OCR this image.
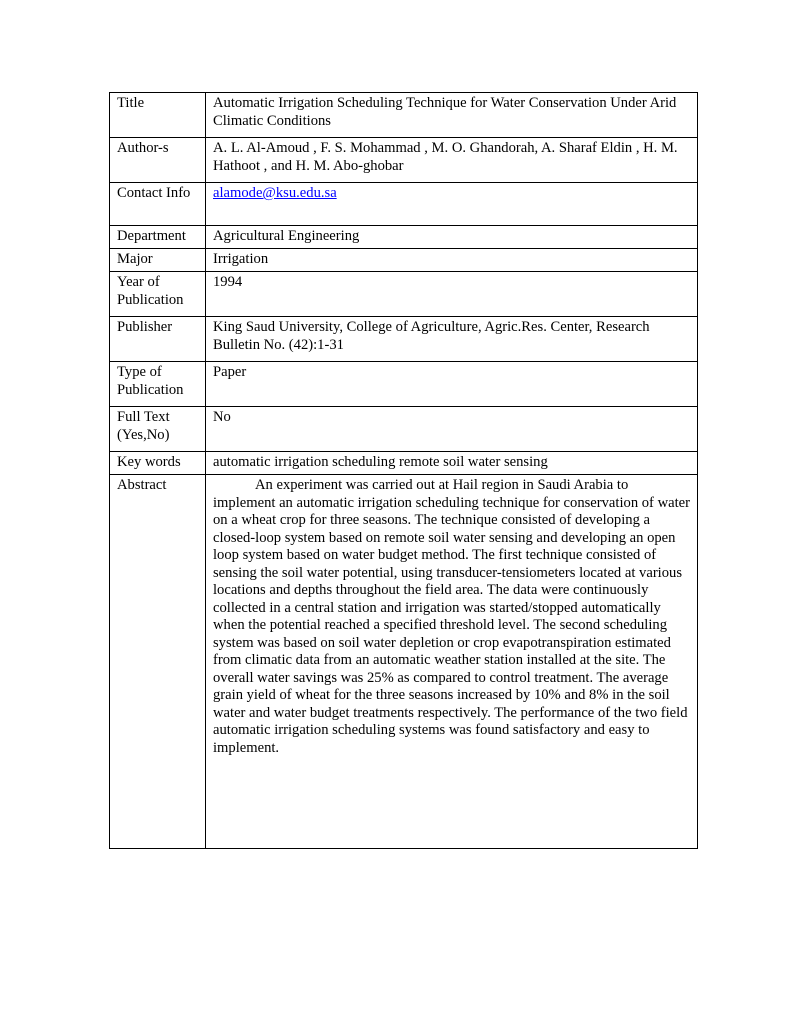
Title	Automatic Irrigation Scheduling Technique for Water Conservation Under Arid Climatic Conditions
Author-s	A. L. Al-Amoud , F. S. Mohammad , M. O. Ghandorah, A. Sharaf Eldin , H. M. Hathoot , and H. M. Abo-ghobar
Contact Info	alamode@ksu.edu.sa
Department	Agricultural Engineering
Major	Irrigation
Year of Publication	1994
Publisher	King Saud University, College of Agriculture, Agric.Res. Center, Research Bulletin No. (42):1-31
Type of Publication	Paper
Full Text (Yes,No)	No
Key words	automatic irrigation scheduling remote soil water sensing
Abstract	An experiment was carried out at Hail region in Saudi Arabia to implement an automatic irrigation scheduling technique for conservation of water on a wheat crop for three seasons. The technique consisted of developing a closed-loop system based on remote soil water sensing and developing an open loop system based on water budget method. The first technique consisted of sensing the soil water potential, using transducer-tensiometers located at various locations and depths throughout the field area. The data were continuously collected in a central station and irrigation was started/stopped automatically when the potential reached a specified threshold level. The second scheduling system was based on soil water depletion or crop evapotranspiration estimated from climatic data from an automatic weather station installed at the site. The overall water savings was 25% as compared to control treatment. The average grain yield of wheat for the three seasons increased by 10% and 8% in the soil water and water budget treatments respectively. The performance of the two field automatic irrigation scheduling systems was found satisfactory and easy to implement.
